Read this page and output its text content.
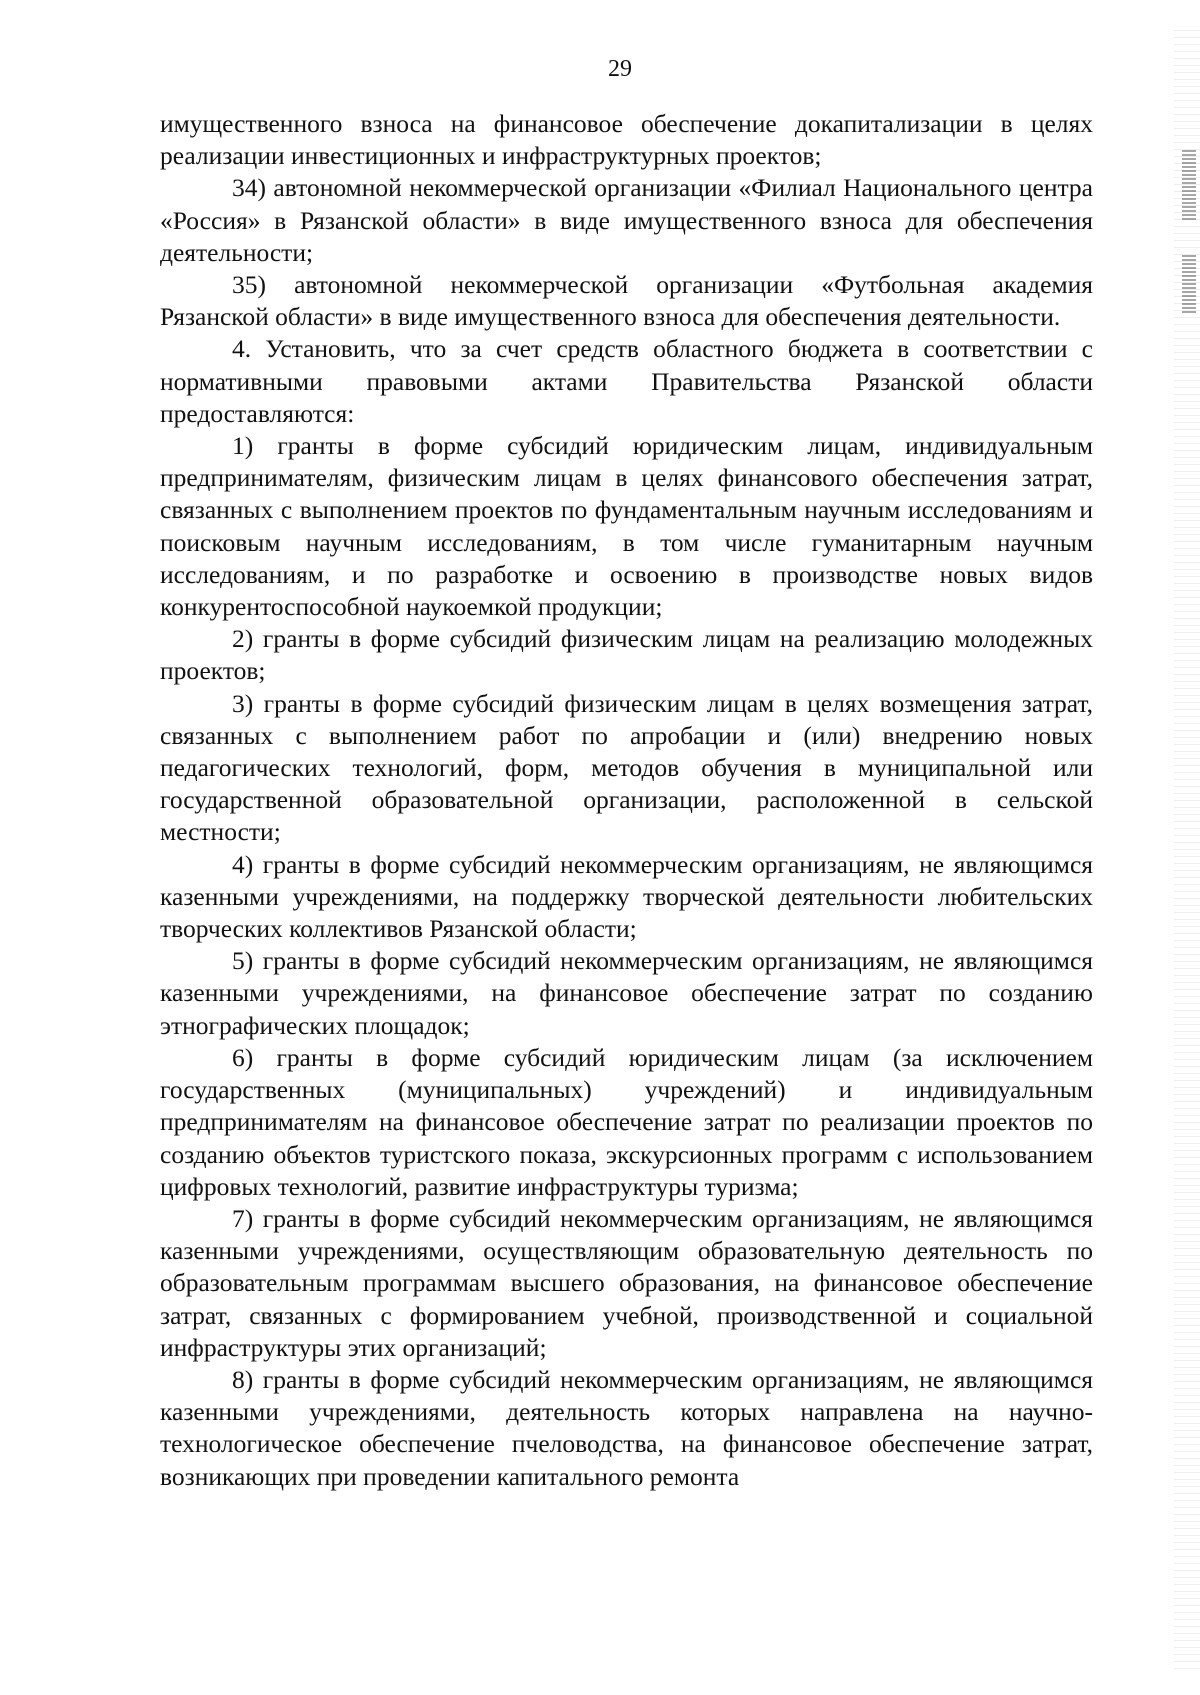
29

имущественного взноса на финансовое обеспечение докапитализации в целях реализации инвестиционных и инфраструктурных проектов;

34) автономной некоммерческой организации «Филиал Национального центра «Россия» в Рязанской области» в виде имущественного взноса для обеспечения деятельности;

35) автономной некоммерческой организации «Футбольная академия Рязанской области» в виде имущественного взноса для обеспечения деятельности.

4. Установить, что за счет средств областного бюджета в соответствии с нормативными правовыми актами Правительства Рязанской области предоставляются:

1) гранты в форме субсидий юридическим лицам, индивидуальным предпринимателям, физическим лицам в целях финансового обеспечения затрат, связанных с выполнением проектов по фундаментальным научным исследованиям и поисковым научным исследованиям, в том числе гуманитарным научным исследованиям, и по разработке и освоению в производстве новых видов конкурентоспособной наукоемкой продукции;

2) гранты в форме субсидий физическим лицам на реализацию молодежных проектов;

3) гранты в форме субсидий физическим лицам в целях возмещения затрат, связанных с выполнением работ по апробации и (или) внедрению новых педагогических технологий, форм, методов обучения в муниципальной или государственной образовательной организации, расположенной в сельской местности;

4) гранты в форме субсидий некоммерческим организациям, не являющимся казенными учреждениями, на поддержку творческой деятельности любительских творческих коллективов Рязанской области;

5) гранты в форме субсидий некоммерческим организациям, не являющимся казенными учреждениями, на финансовое обеспечение затрат по созданию этнографических площадок;

6) гранты в форме субсидий юридическим лицам (за исключением государственных (муниципальных) учреждений) и индивидуальным предпринимателям на финансовое обеспечение затрат по реализации проектов по созданию объектов туристского показа, экскурсионных программ с использованием цифровых технологий, развитие инфраструктуры туризма;

7) гранты в форме субсидий некоммерческим организациям, не являющимся казенными учреждениями, осуществляющим образовательную деятельность по образовательным программам высшего образования, на финансовое обеспечение затрат, связанных с формированием учебной, производственной и социальной инфраструктуры этих организаций;

8) гранты в форме субсидий некоммерческим организациям, не являющимся казенными учреждениями, деятельность которых направлена на научно-технологическое обеспечение пчеловодства, на финансовое обеспечение затрат, возникающих при проведении капитального ремонта
